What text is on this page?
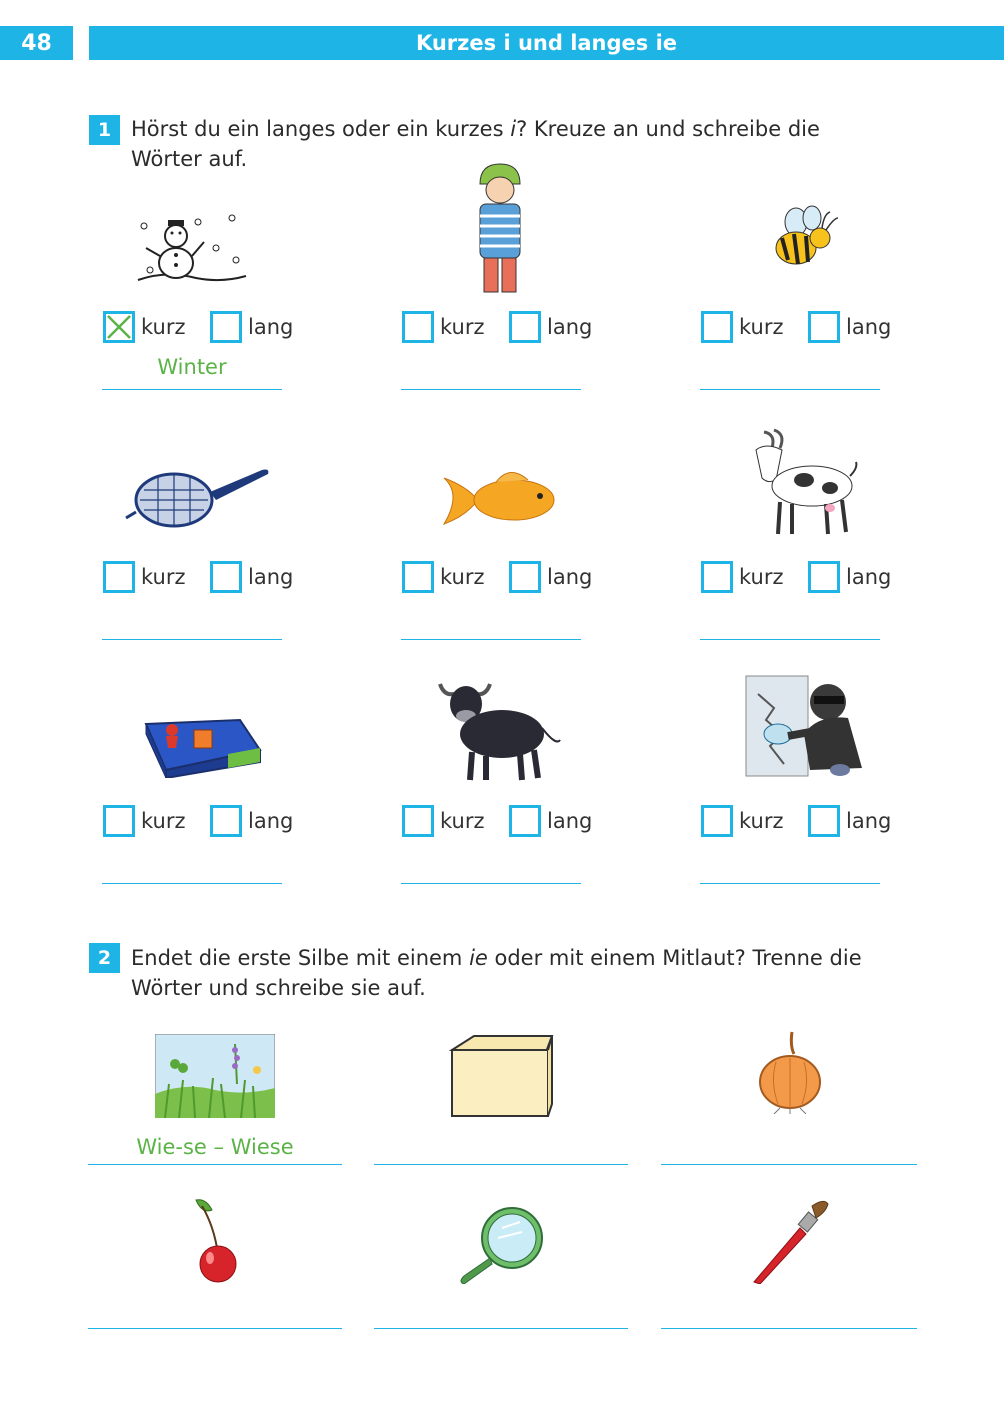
48	Kurzes i und langes ie
1 Hörst du ein langes oder ein kurzes i? Kreuze an und schreibe die
Wörter auf.
kurz	lang
Winter
kurz	lang	kurz	lang
kurz	lang	kurz	lang	kurz	lang
kurz	lang	kurz	lang	kurz	lang
2 Endet die erste Silbe mit einem ie oder mit einem Mitlaut? Trenne die
Wörter und schreibe sie auf.
Wie-se – Wiese
